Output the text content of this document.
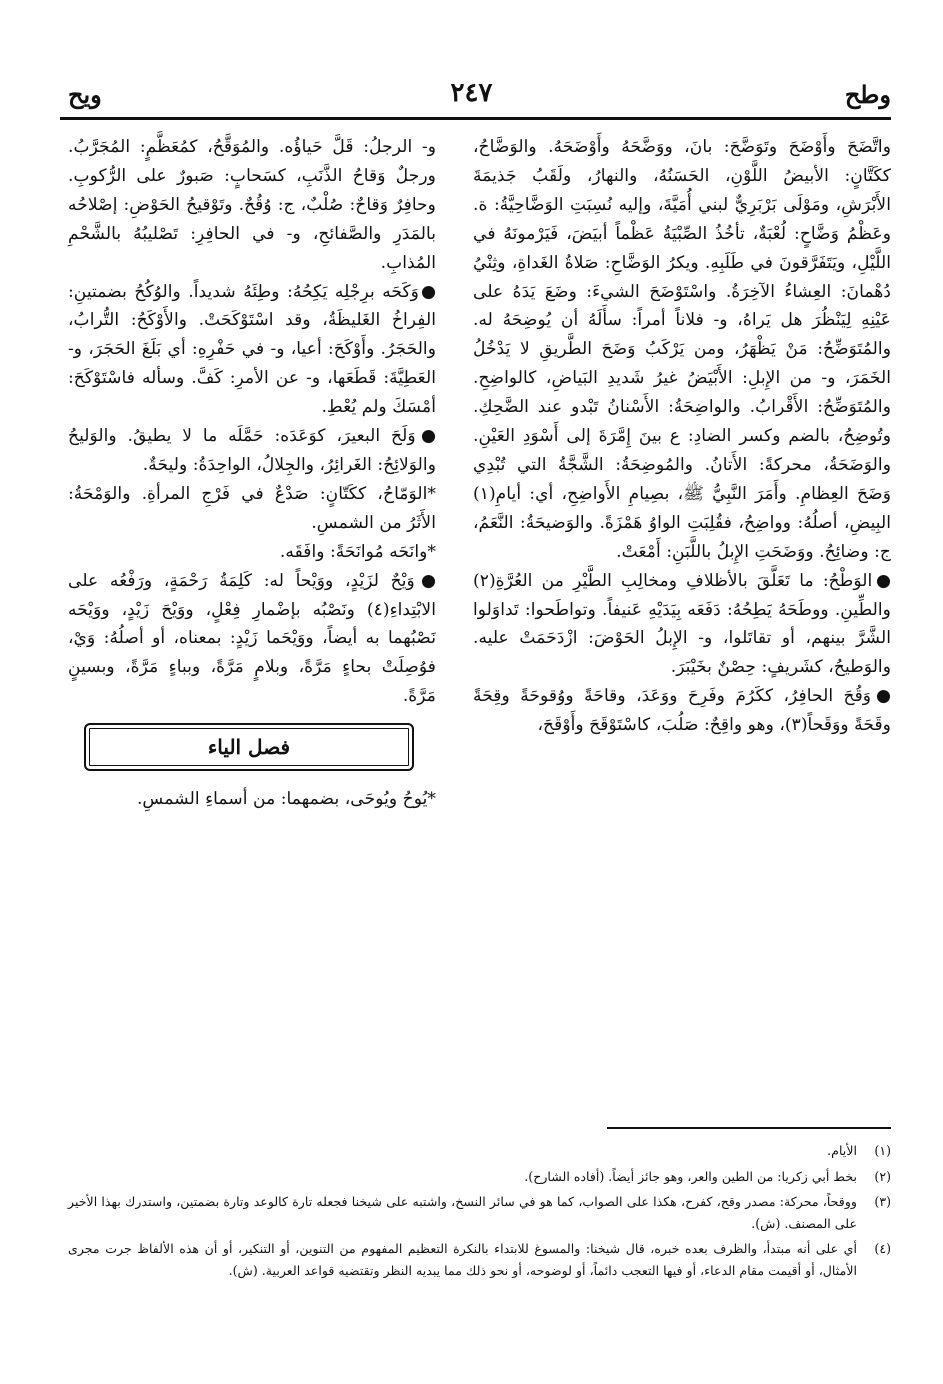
وطح
٢٤٧
ويح

واتَّضَحَ وأَوْضَحَ وتَوَضَّحَ: بانَ، ووَضَّحَهُ وأَوْضَحَهُ. والوَضَّاحُ، ككَتَّانٍ: الأبيضُ اللَّوْنِ، الحَسَنُهُ، والنهارُ، ولَقَبُ جَذيمَةَ الأَبْرَشِ، ومَوْلَى بَرْبَرِيٌّ لبني أُمَيَّةَ، وإليه نُسِبَتِ الوَضَّاحِيَّةُ: ة. وعَظْمُ وَضَّاحٍ: لُعْبَةٌ، تأخُذُ الصِّبْيَةُ عَظْماً أبيَضَ، فَيَرْمونَهُ في اللَّيْلِ، ويَتَفَرَّقونَ في طَلَبِهِ. ويكرُ الوَضَّاحِ: صَلاةُ الغَداةِ، وثِنْيُ دُهْمانَ: العِشاءُ الآخِرَةُ. واسْتَوْضَحَ الشيءَ: وضَعَ يَدَهُ على عَيْنِهِ لِيَنْظُرَ هل يَراهُ، و- فلاناً أمراً: سأَلَهُ أن يُوضِحَهُ له. والمُتَوَضِّحُ: مَنْ يَظْهَرُ، ومن يَرْكَبُ وَضَحَ الطَّريقِ لا يَدْخُلُ الخَمَرَ، و- من الإِبلِ: الأَبْيَضُ غيرُ شَديدِ البَياضِ، كالواضِحِ. والمُتَوَضِّحُ: الأَقْرابُ. والواضِحَةُ: الأَسْنانُ تَبْدو عند الضَّحِكِ. وتُوضِحُ، بالضم وكسر الضادِ: ع بينَ إِمَّرَةَ إلى أَسْوَدِ العَيْنِ. والوَضَحَةُ، محركةً: الأَتانُ. والمُوضِحَةُ: الشَّجَّةُ التي تُبْدِي وَضَحَ العِظامِ. وأَمَرَ النَّبِيُّ ﷺ، بصِيامِ الأَواضِحِ، أي: أيامِ(١) البِيضِ، أصلُهُ: وواضِحُ، فقُلِبَتِ الواوُ هَمْزَةً. والوَضيحَةُ: النَّعَمُ، ج: وضائِحُ. ووَضَحَتِ الإِبلُ باللَّبَنِ: أَمْعَتْ.

●الوَطْحُ: ما تَعَلَّقَ بالأظلافِ ومخالِبِ الطَّيْرِ من العُرَّةِ(٢) والطِّينِ. ووطَحَهُ يَطِحُهُ: دَفَعَه بِيَدَيْهِ عَنيفاً. وتواطَحوا: تَداوَلوا الشَّرَّ بينهم، أو تقاتَلوا، و- الإِبلُ الحَوْضَ: ازْدَحَمَتْ عليه. والوَطيحُ، كشَريفٍ: حِصْنٌ بخَيْبَرَ.

●وَقُحَ الحافِرُ، ككَرُمَ وفَرِحَ ووَعَدَ، وقاحَةً ووُقوحَةً وقِحَةً وقَحَةً ووَقَحاً(٣)، وهو واقِحٌ: صَلُبَ، كاسْتَوْقَحَ وأَوْقَحَ،

و- الرجلُ: قَلَّ حَياؤُه. والمُوَقَّحُ، كمُعَظَّمٍ: المُجَرَّبُ. ورجلٌ وَقاحُ الذَّنَبِ، كسَحابٍ: صَبورٌ على الرُّكوبِ. وحافِرٌ وَقاحٌ: صُلْبٌ، ج: وُقُحٌ. وتَوْقيحُ الحَوْضِ: إصْلاحُه بالمَدَرِ والصَّفائحِ، و- في الحافِرِ: تَصْليبُهُ بالشَّحْمِ المُذابِ.

●وَكَحَه برِجْلِه يَكِحُهُ: وطِئَهُ شديداً. والوُكُحُ بضمتينِ: الفِراخُ الغَليظَةُ، وقد اسْتَوْكَحَتْ. والأَوْكَحُ: التُّرابُ، والحَجَرُ. وأَوْكَحَ: أعيا، و- في حَفْرِهِ: أي بَلَغَ الحَجَرَ، و- العَطِيَّةَ: قَطَعَها، و- عن الأمرِ: كَفَّ. وسأله فاسْتَوْكَحَ: أمْسَكَ ولم يُعْطِ.

●وَلَحَ البعيرَ، كوَعَدَه: حَمَّلَه ما لا يطيقُ. والوَليحُ والوَلائِحُ: الغَرائِرُ، والجِلالُ، الواحِدَةُ: وليحَةٌ.

*الوَمّاحُ، ككَتّانٍ: صَدْعٌ في فَرْجِ المرأةِ. والوَمْحَةُ: الأَثَرُ من الشمسِ.

*وانَحَه مُوانَحَةً: وافَقَه.

●وَيْحٌ لزَيْدٍ، ووَيْحاً له: كَلِمَةُ رَحْمَةٍ، ورَفْعُه على الابْتِداءِ(٤) ونَصْبُه بإضْمارِ فِعْلٍ، ووَيْحَ زَيْدٍ، ووَيْحَه نَصْبُهما به أيضاً، ووَيْحَما زَيْدٍ: بمعناه، أو أصلُهُ: وَيْ، فوُصِلَتْ بحاءٍ مَرَّةً، وبلامٍ مَرَّةً، وبباءٍ مَرَّةً، وبسينٍ مَرَّةً.

فصل الياء

*يُوحُ ويُوحَى، بضمهما: من أسماءِ الشمسِ.

(١)
الأيام.
(٢)
بخط أبي زكريا: من الطين والعر، وهو جائز أيضاً. (أفاده الشارح).
(٣)
ووقحاً، محركة: مصدر وقح، كفرح، هكذا على الصواب، كما هو في سائر النسخ، واشتبه على شيخنا فجعله تارة كالوعد وتارة بضمتين، واستدرك بهذا الأخير على المصنف. (ش).
(٤)
أي على أنه مبتدأ، والظرف بعده خبره، قال شيخنا: والمسوغ للابتداء بالنكرة التعظيم المفهوم من التنوين، أو التنكير، أو أن هذه الألفاظ جرت مجرى الأمثال، أو أقيمت مقام الدعاء، أو فيها التعجب دائماً، أو لوضوحه، أو نحو ذلك مما يبديه النظر وتقتضيه قواعد العربية. (ش).
